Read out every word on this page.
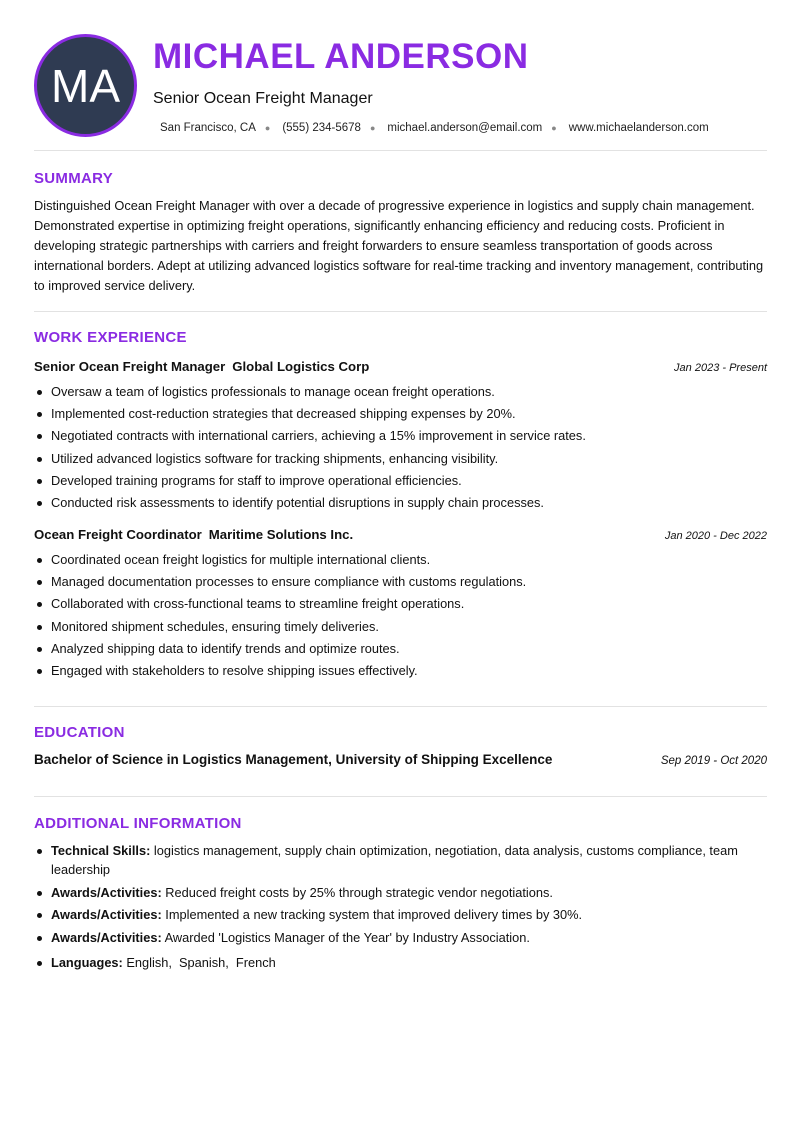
MA
MICHAEL ANDERSON
Senior Ocean Freight Manager
San Francisco, CA ● (555) 234-5678 ● michael.anderson@email.com ● www.michaelanderson.com
SUMMARY
Distinguished Ocean Freight Manager with over a decade of progressive experience in logistics and supply chain management. Demonstrated expertise in optimizing freight operations, significantly enhancing efficiency and reducing costs. Proficient in developing strategic partnerships with carriers and freight forwarders to ensure seamless transportation of goods across international borders. Adept at utilizing advanced logistics software for real-time tracking and inventory management, contributing to improved service delivery.
WORK EXPERIENCE
Senior Ocean Freight Manager Global Logistics Corp	Jan 2023 - Present
Oversaw a team of logistics professionals to manage ocean freight operations.
Implemented cost-reduction strategies that decreased shipping expenses by 20%.
Negotiated contracts with international carriers, achieving a 15% improvement in service rates.
Utilized advanced logistics software for tracking shipments, enhancing visibility.
Developed training programs for staff to improve operational efficiencies.
Conducted risk assessments to identify potential disruptions in supply chain processes.
Ocean Freight Coordinator Maritime Solutions Inc.	Jan 2020 - Dec 2022
Coordinated ocean freight logistics for multiple international clients.
Managed documentation processes to ensure compliance with customs regulations.
Collaborated with cross-functional teams to streamline freight operations.
Monitored shipment schedules, ensuring timely deliveries.
Analyzed shipping data to identify trends and optimize routes.
Engaged with stakeholders to resolve shipping issues effectively.
EDUCATION
Bachelor of Science in Logistics Management, University of Shipping Excellence	Sep 2019 - Oct 2020
ADDITIONAL INFORMATION
Technical Skills: logistics management, supply chain optimization, negotiation, data analysis, customs compliance, team leadership
Awards/Activities: Reduced freight costs by 25% through strategic vendor negotiations.
Awards/Activities: Implemented a new tracking system that improved delivery times by 30%.
Awards/Activities: Awarded 'Logistics Manager of the Year' by Industry Association.
Languages: English,  Spanish,  French
